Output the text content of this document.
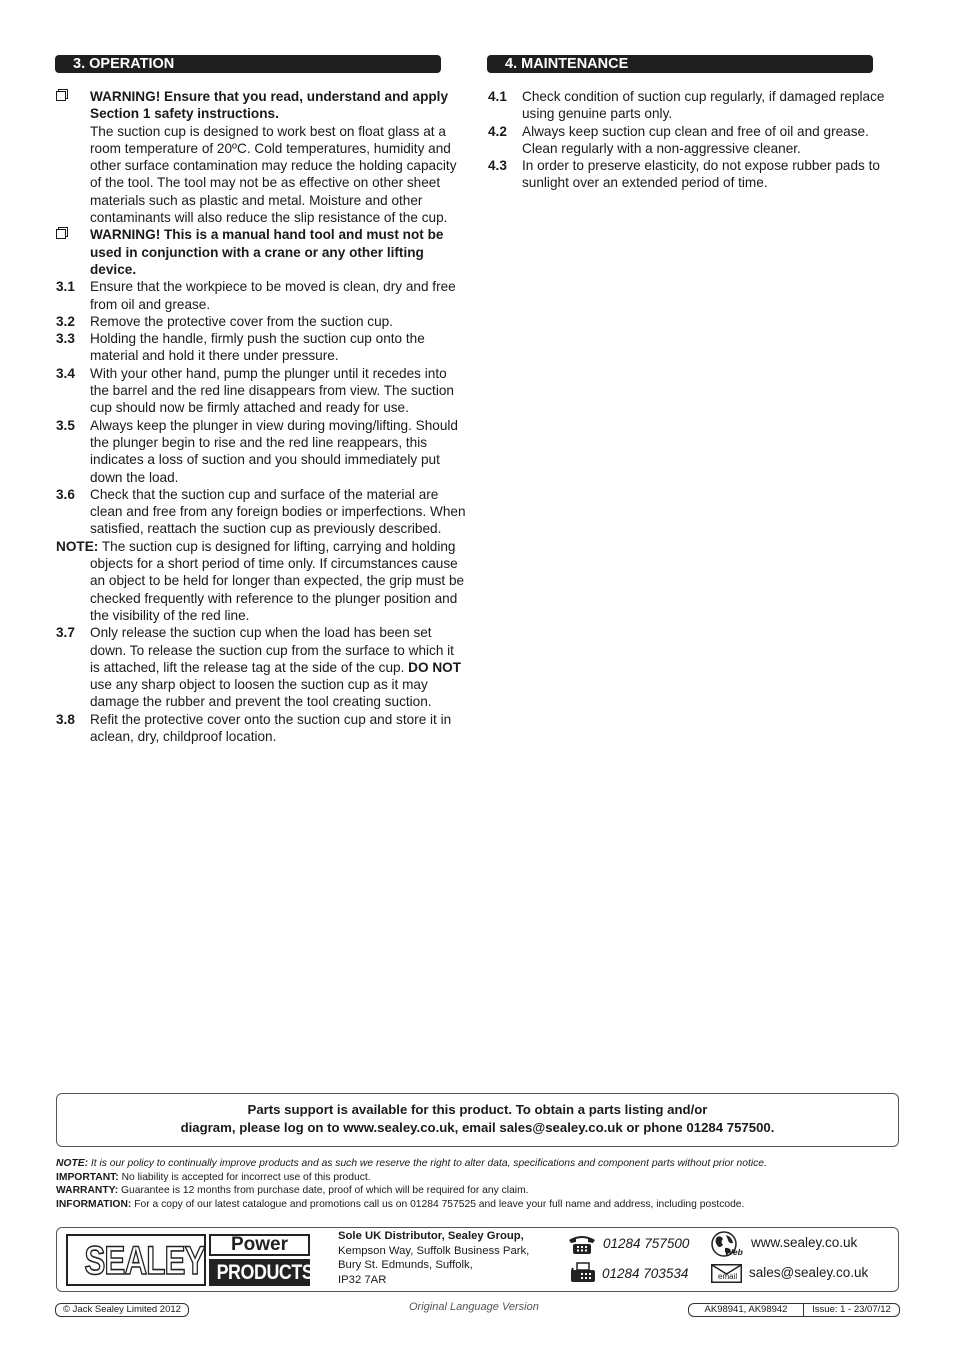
3. OPERATION	4. MAINTENANCE
WARNING! Ensure that you read, understand and apply Section 1 safety instructions.
The suction cup is designed to work best on float glass at a room temperature of 20ºC. Cold temperatures, humidity and other surface contamination may reduce the holding capacity of the tool. The tool may not be as effective on other sheet materials such as plastic and metal. Moisture and other contaminants will also reduce the slip resistance of the cup.
WARNING! This is a manual hand tool and must not be used in conjunction with a crane or any other lifting device.
3.1 Ensure that the workpiece to be moved is clean, dry and free from oil and grease.
3.2 Remove the protective cover from the suction cup.
3.3 Holding the handle, firmly push the suction cup onto the material and hold it there under pressure.
3.4 With your other hand, pump the plunger until it recedes into the barrel and the red line disappears from view. The suction cup should now be firmly attached and ready for use.
3.5 Always keep the plunger in view during moving/lifting. Should the plunger begin to rise and the red line reappears, this indicates a loss of suction and you should immediately put down the load.
3.6 Check that the suction cup and surface of the material are clean and free from any foreign bodies or imperfections. When satisfied, reattach the suction cup as previously described.
NOTE: The suction cup is designed for lifting, carrying and holding objects for a short period of time only. If circumstances cause an object to be held for longer than expected, the grip must be checked frequently with reference to the plunger position and the visibility of the red line.
3.7 Only release the suction cup when the load has been set down. To release the suction cup from the surface to which it is attached, lift the release tag at the side of the cup. DO NOT use any sharp object to loosen the suction cup as it may damage the rubber and prevent the tool creating suction.
3.8 Refit the protective cover onto the suction cup and store it in aclean, dry, childproof location.
4.1 Check condition of suction cup regularly, if damaged replace using genuine parts only.
4.2 Always keep suction cup clean and free of oil and grease. Clean regularly with a non-aggressive cleaner.
4.3 In order to preserve elasticity, do not expose rubber pads to sunlight over an extended period of time.
Parts support is available for this product. To obtain a parts listing and/or
diagram, please log on to www.sealey.co.uk, email sales@sealey.co.uk or phone 01284 757500.
NOTE: It is our policy to continually improve products and as such we reserve the right to alter data, specifications and component parts without prior notice.
IMPORTANT: No liability is accepted for incorrect use of this product.
WARRANTY: Guarantee is 12 months from purchase date, proof of which will be required for any claim.
INFORMATION: For a copy of our latest catalogue and promotions call us on 01284 757525 and leave your full name and address, including postcode.
SEALEY	Power
PRODUCTS
Sole UK Distributor, Sealey Group,
Kempson Way, Suffolk Business Park,
Bury St. Edmunds, Suffolk,
IP32 7AR
01284 757500
01284 703534
Web
www.sealey.co.uk
email sales@sealey.co.uk
© Jack Sealey Limited 2012	Original Language Version	AK98941, AK98942	Issue: 1 - 23/07/12
